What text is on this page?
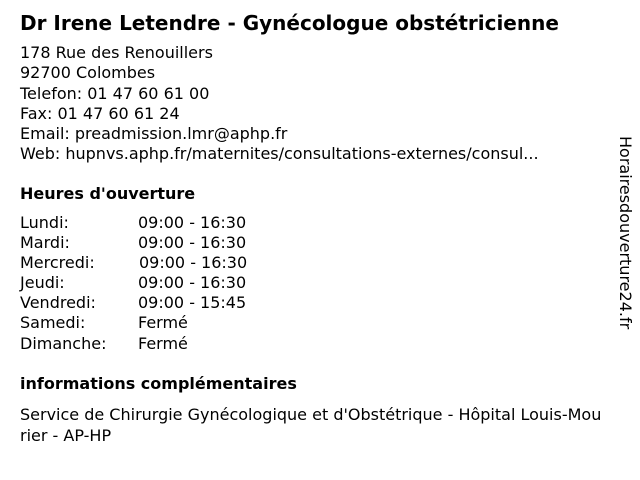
Dr Irene Letendre - Gynécologue obstétricienne
178 Rue des Renouillers
92700 Colombes
Telefon: 01 47 60 61 00
Fax: 01 47 60 61 24
Email: preadmission.lmr@aphp.fr
Web: hupnvs.aphp.fr/maternites/consultations-externes/consul...
Heures d'ouverture
Lundi:	09:00 - 16:30
Mardi:	09:00 - 16:30
Mercredi:	09:00 - 16:30
Jeudi:	09:00 - 16:30
Vendredi:	09:00 - 15:45
Samedi:	Fermé
Dimanche: Fermé
informations complémentaires
Service de Chirurgie Gynécologique et d'Obstétrique - Hôpital Louis-Mourier - AP-HP
Horairesdouverture24.fr
